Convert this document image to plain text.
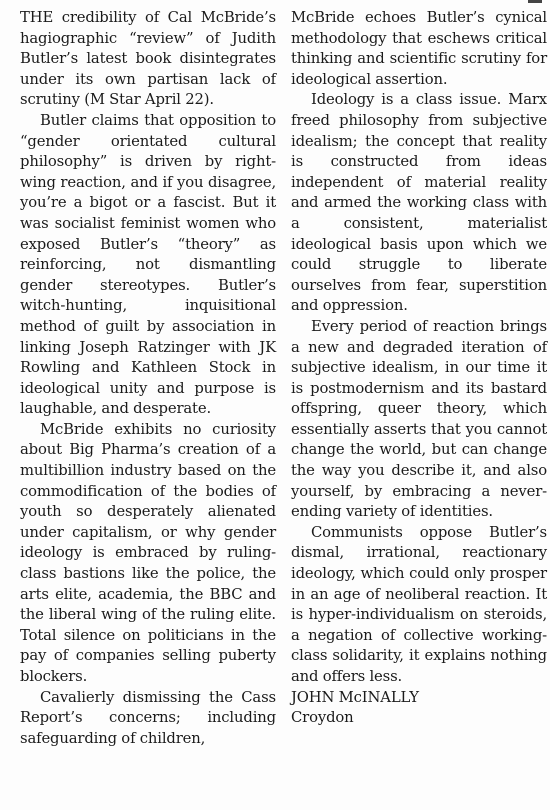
THE credibility of Cal McBride’s hagiographic “review” of Judith Butler’s latest book disintegrates under its own partisan lack of scrutiny (M Star April 22).

Butler claims that opposition to “gender orientated cultural philosophy” is driven by right-wing reaction, and if you disagree, you’re a bigot or a fascist. But it was socialist feminist women who exposed Butler’s “theory” as reinforcing, not dismantling gender stereotypes. Butler’s witch-hunting, inquisitional method of guilt by association in linking Joseph Ratzinger with JK Rowling and Kathleen Stock in ideological unity and purpose is laughable, and desperate.

McBride exhibits no curiosity about Big Pharma’s creation of a multibillion industry based on the commodification of the bodies of youth so desperately alienated under capitalism, or why gender ideology is embraced by ruling-class bastions like the police, the arts elite, academia, the BBC and the liberal wing of the ruling elite. Total silence on politicians in the pay of companies selling puberty blockers.

Cavalierly dismissing the Cass Report’s concerns; including safeguarding of children,

McBride echoes Butler’s cynical methodology that eschews critical thinking and scientific scrutiny for ideological assertion.

Ideology is a class issue. Marx freed philosophy from subjective idealism; the concept that reality is constructed from ideas independent of material reality and armed the working class with a consistent, materialist ideological basis upon which we could struggle to liberate ourselves from fear, superstition and oppression.

Every period of reaction brings a new and degraded iteration of subjective idealism, in our time it is postmodernism and its bastard offspring, queer theory, which essentially asserts that you cannot change the world, but can change the way you describe it, and also yourself, by embracing a never-ending variety of identities.

Communists oppose Butler’s dismal, irrational, reactionary ideology, which could only prosper in an age of neoliberal reaction. It is hyper-individualism on steroids, a negation of collective working-class solidarity, it explains nothing and offers less.

JOHN McINALLY

Croydon
